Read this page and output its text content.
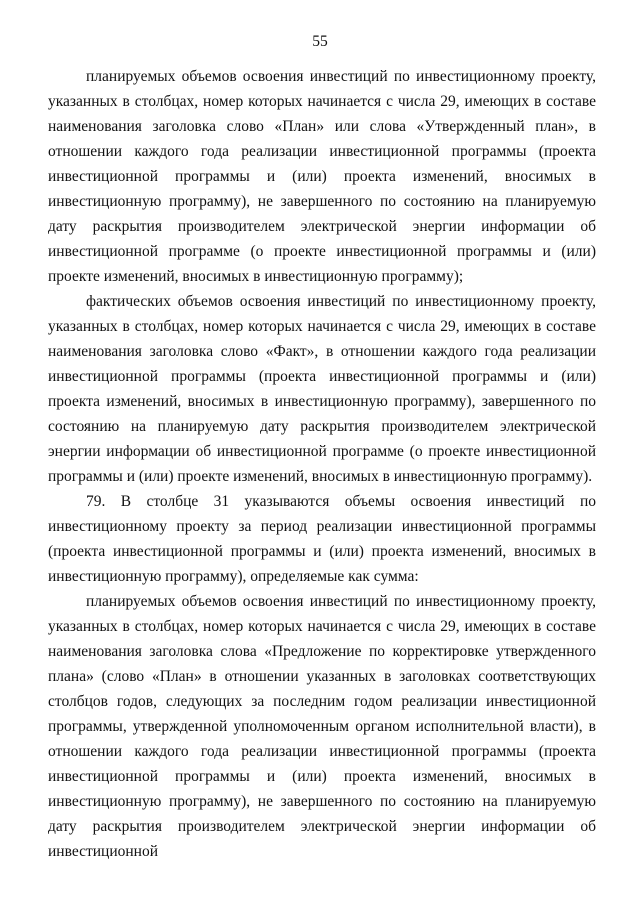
55

планируемых объемов освоения инвестиций по инвестиционному проекту, указанных в столбцах, номер которых начинается с числа 29, имеющих в составе наименования заголовка слово «План» или слова «Утвержденный план», в отношении каждого года реализации инвестиционной программы (проекта инвестиционной программы и (или) проекта изменений, вносимых в инвестиционную программу), не завершенного по состоянию на планируемую дату раскрытия производителем электрической энергии информации об инвестиционной программе (о проекте инвестиционной программы и (или) проекте изменений, вносимых в инвестиционную программу);

фактических объемов освоения инвестиций по инвестиционному проекту, указанных в столбцах, номер которых начинается с числа 29, имеющих в составе наименования заголовка слово «Факт», в отношении каждого года реализации инвестиционной программы (проекта инвестиционной программы и (или) проекта изменений, вносимых в инвестиционную программу), завершенного по состоянию на планируемую дату раскрытия производителем электрической энергии информации об инвестиционной программе (о проекте инвестиционной программы и (или) проекте изменений, вносимых в инвестиционную программу).

79. В столбце 31 указываются объемы освоения инвестиций по инвестиционному проекту за период реализации инвестиционной программы (проекта инвестиционной программы и (или) проекта изменений, вносимых в инвестиционную программу), определяемые как сумма:

планируемых объемов освоения инвестиций по инвестиционному проекту, указанных в столбцах, номер которых начинается с числа 29, имеющих в составе наименования заголовка слова «Предложение по корректировке утвержденного плана» (слово «План» в отношении указанных в заголовках соответствующих столбцов годов, следующих за последним годом реализации инвестиционной программы, утвержденной уполномоченным органом исполнительной власти), в отношении каждого года реализации инвестиционной программы (проекта инвестиционной программы и (или) проекта изменений, вносимых в инвестиционную программу), не завершенного по состоянию на планируемую дату раскрытия производителем электрической энергии информации об инвестиционной
